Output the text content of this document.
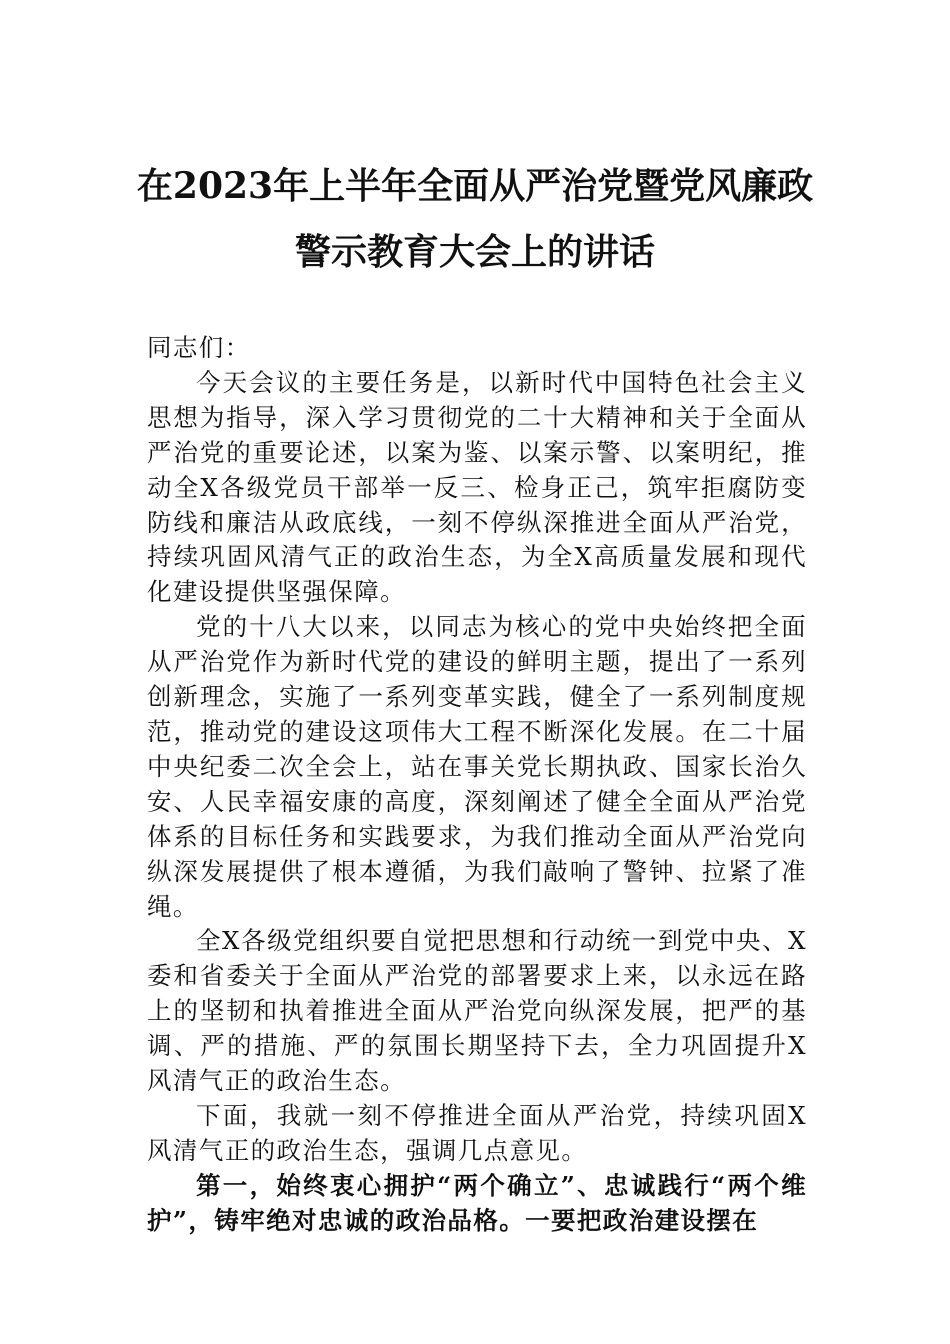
在2023年上半年全面从严治党暨党风廉政
警示教育大会上的讲话

同志们：

今天会议的主要任务是，以新时代中国特色社会主义思想为指导，深入学习贯彻党的二十大精神和关于全面从严治党的重要论述，以案为鉴、以案示警、以案明纪，推动全X各级党员干部举一反三、检身正己，筑牢拒腐防变防线和廉洁从政底线，一刻不停纵深推进全面从严治党，持续巩固风清气正的政治生态，为全X高质量发展和现代化建设提供坚强保障。

党的十八大以来，以同志为核心的党中央始终把全面从严治党作为新时代党的建设的鲜明主题，提出了一系列创新理念，实施了一系列变革实践，健全了一系列制度规范，推动党的建设这项伟大工程不断深化发展。在二十届中央纪委二次全会上，站在事关党长期执政、国家长治久安、人民幸福安康的高度，深刻阐述了健全全面从严治党体系的目标任务和实践要求，为我们推动全面从严治党向纵深发展提供了根本遵循，为我们敲响了警钟、拉紧了准绳。

全X各级党组织要自觉把思想和行动统一到党中央、X委和省委关于全面从严治党的部署要求上来，以永远在路上的坚韧和执着推进全面从严治党向纵深发展，把严的基调、严的措施、严的氛围长期坚持下去，全力巩固提升X风清气正的政治生态。

下面，我就一刻不停推进全面从严治党，持续巩固X风清气正的政治生态，强调几点意见。

第一，始终衷心拥护“两个确立”、忠诚践行“两个维护”，铸牢绝对忠诚的政治品格。一要把政治建设摆在
